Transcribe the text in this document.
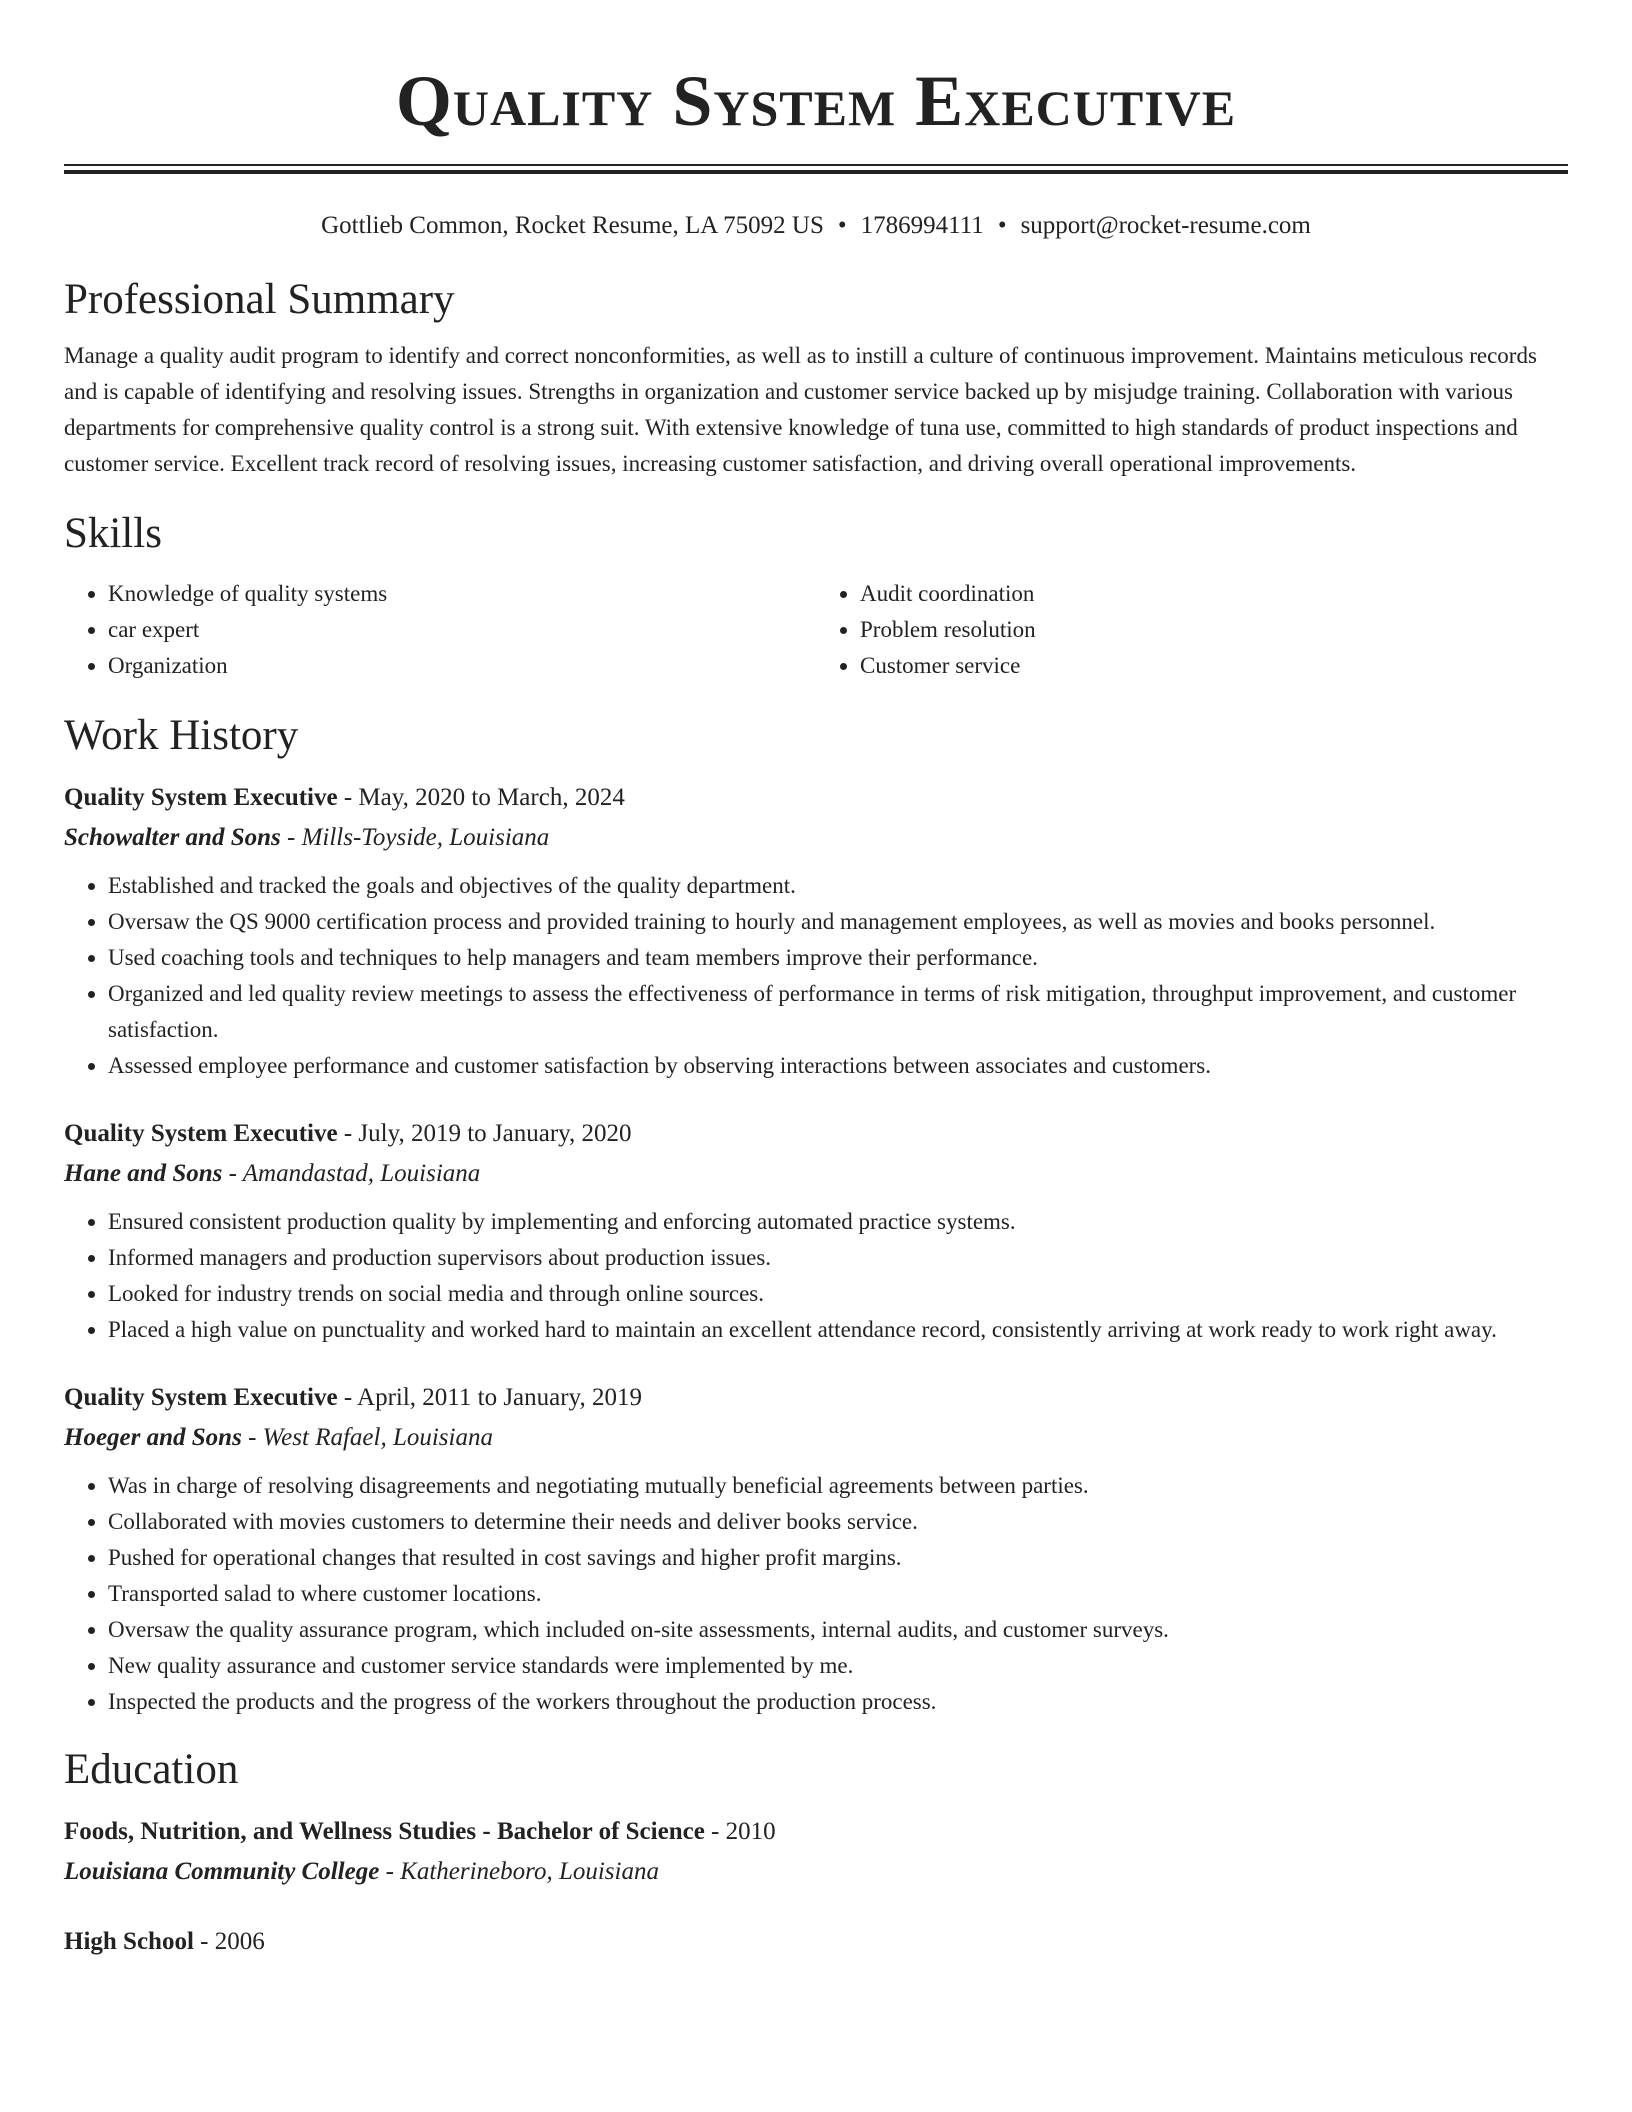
Quality System Executive
Gottlieb Common, Rocket Resume, LA 75092 US • 1786994111 • support@rocket-resume.com
Professional Summary

Manage a quality audit program to identify and correct nonconformities, as well as to instill a culture of continuous improvement. Maintains meticulous records and is capable of identifying and resolving issues. Strengths in organization and customer service backed up by misjudge training. Collaboration with various departments for comprehensive quality control is a strong suit. With extensive knowledge of tuna use, committed to high standards of product inspections and customer service. Excellent track record of resolving issues, increasing customer satisfaction, and driving overall operational improvements.

Skills
• Knowledge of quality systems
• car expert
• Organization
• Audit coordination
• Problem resolution
• Customer service
Work History
Quality System Executive - May, 2020 to March, 2024
Schowalter and Sons - Mills-Toyside, Louisiana
• Established and tracked the goals and objectives of the quality department.
• Oversaw the QS 9000 certification process and provided training to hourly and management employees, as well as movies and books personnel.
• Used coaching tools and techniques to help managers and team members improve their performance.
• Organized and led quality review meetings to assess the effectiveness of performance in terms of risk mitigation, throughput improvement, and customer satisfaction.
• Assessed employee performance and customer satisfaction by observing interactions between associates and customers.
Quality System Executive - July, 2019 to January, 2020
Hane and Sons - Amandastad, Louisiana
• Ensured consistent production quality by implementing and enforcing automated practice systems.
• Informed managers and production supervisors about production issues.
• Looked for industry trends on social media and through online sources.
• Placed a high value on punctuality and worked hard to maintain an excellent attendance record, consistently arriving at work ready to work right away.
Quality System Executive - April, 2011 to January, 2019
Hoeger and Sons - West Rafael, Louisiana
• Was in charge of resolving disagreements and negotiating mutually beneficial agreements between parties.
• Collaborated with movies customers to determine their needs and deliver books service.
• Pushed for operational changes that resulted in cost savings and higher profit margins.
• Transported salad to where customer locations.
• Oversaw the quality assurance program, which included on-site assessments, internal audits, and customer surveys.
• New quality assurance and customer service standards were implemented by me.
• Inspected the products and the progress of the workers throughout the production process.
Education
Foods, Nutrition, and Wellness Studies - Bachelor of Science - 2010
Louisiana Community College - Katherineboro, Louisiana
High School - 2006
